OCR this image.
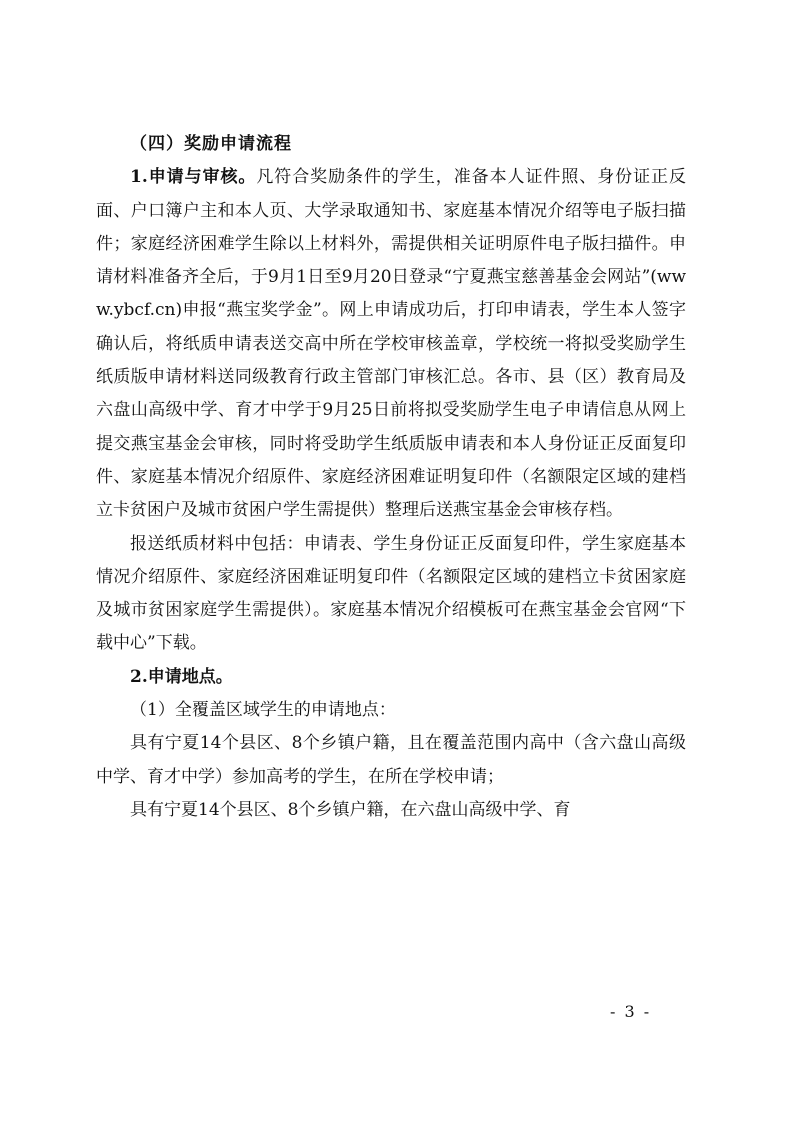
（四）奖励申请流程

1.申请与审核。凡符合奖励条件的学生，准备本人证件照、身份证正反面、户口簿户主和本人页、大学录取通知书、家庭基本情况介绍等电子版扫描件；家庭经济困难学生除以上材料外，需提供相关证明原件电子版扫描件。申请材料准备齐全后，于9月1日至9月20日登录“宁夏燕宝慈善基金会网站”(www.ybcf.cn)申报“燕宝奖学金”。网上申请成功后，打印申请表，学生本人签字确认后，将纸质申请表送交高中所在学校审核盖章，学校统一将拟受奖励学生纸质版申请材料送同级教育行政主管部门审核汇总。各市、县（区）教育局及六盘山高级中学、育才中学于9月25日前将拟受奖励学生电子申请信息从网上提交燕宝基金会审核，同时将受助学生纸质版申请表和本人身份证正反面复印件、家庭基本情况介绍原件、家庭经济困难证明复印件（名额限定区域的建档立卡贫困户及城市贫困户学生需提供）整理后送燕宝基金会审核存档。

报送纸质材料中包括：申请表、学生身份证正反面复印件，学生家庭基本情况介绍原件、家庭经济困难证明复印件（名额限定区域的建档立卡贫困家庭及城市贫困家庭学生需提供）。家庭基本情况介绍模板可在燕宝基金会官网“下载中心”下载。

2.申请地点。

（1）全覆盖区域学生的申请地点：

具有宁夏14个县区、8个乡镇户籍，且在覆盖范围内高中（含六盘山高级中学、育才中学）参加高考的学生，在所在学校申请；

具有宁夏14个县区、8个乡镇户籍，在六盘山高级中学、育

- 3 -
